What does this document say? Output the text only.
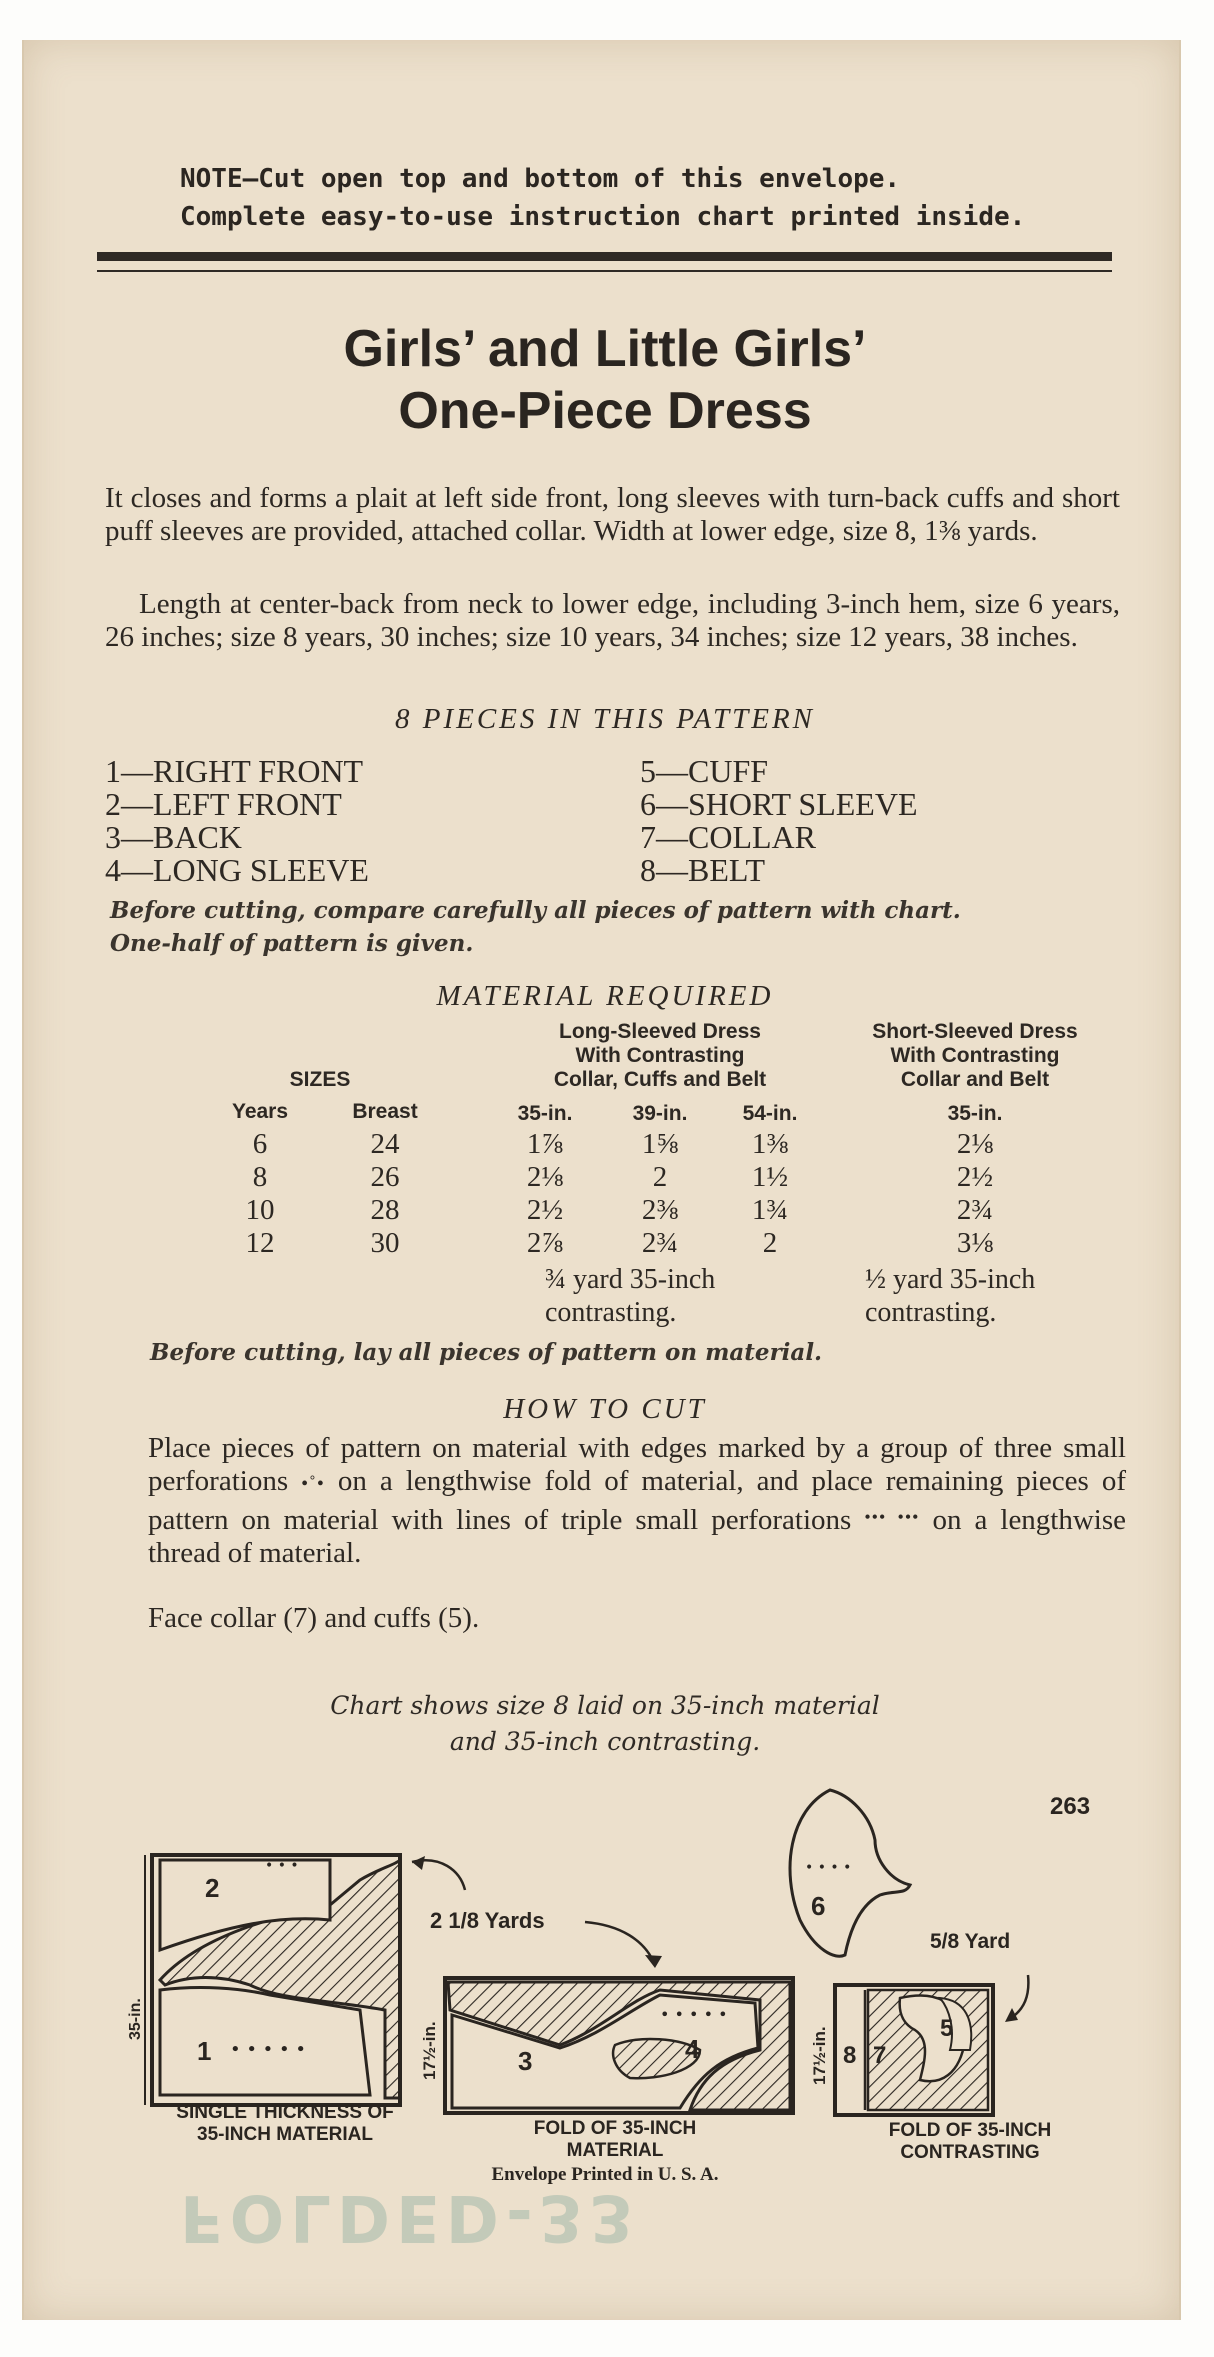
NOTE—Cut open top and bottom of this envelope.
Complete easy-to-use instruction chart printed inside.
Girls’ and Little Girls’
One-Piece Dress
It closes and forms a plait at left side front, long sleeves with turn-back cuffs and short puff sleeves are provided, attached collar. Width at lower edge, size 8, 1⅜ yards.
Length at center-back from neck to lower edge, including 3-inch hem, size 6 years, 26 inches; size 8 years, 30 inches; size 10 years, 34 inches; size 12 years, 38 inches.
8 PIECES IN THIS PATTERN
1—RIGHT FRONT
2—LEFT FRONT
3—BACK
4—LONG SLEEVE
5—CUFF
6—SHORT SLEEVE
7—COLLAR
8—BELT
Before cutting, compare carefully all pieces of pattern with chart.
One-half of pattern is given.
MATERIAL REQUIRED
Long-Sleeved Dress
With Contrasting
Collar, Cuffs and Belt
Short-Sleeved Dress
With Contrasting
Collar and Belt
SIZES
Years	Breast	35-in.	39-in.	54-in.	35-in.
6	24	1⅞	1⅝	1⅜	2⅛
8	26	2⅛	2	1½	2½
10	28	2½	2⅜	1¾	2¾
12	30	2⅞	2¾	2	3⅛
¾ yard 35-inch
contrasting.
½ yard 35-inch
contrasting.
Before cutting, lay all pieces of pattern on material.
HOW TO CUT
Place pieces of pattern on material with edges marked by a group of three small perforations •˚• on a lengthwise fold of material, and place remaining pieces of pattern on material with lines of triple small perforations ••• ••• on a lengthwise thread of material.
Face collar (7) and cuffs (5).
Chart shows size 8 laid on 35-inch material
and 35-inch contrasting.
263
2
1 • • • • •
• • •
35-in.
2 1/8 Yards
3	4
• • • • •
17½-in.
6
• • • •
5/8 Yard
8 7
5
17½-in.
SINGLE THICKNESS OF
35-INCH MATERIAL	FOLD OF 35-INCH
MATERIAL
FOLD OF 35-INCH
CONTRASTING
Envelope Printed in U. S. A.
FOLDED-33
